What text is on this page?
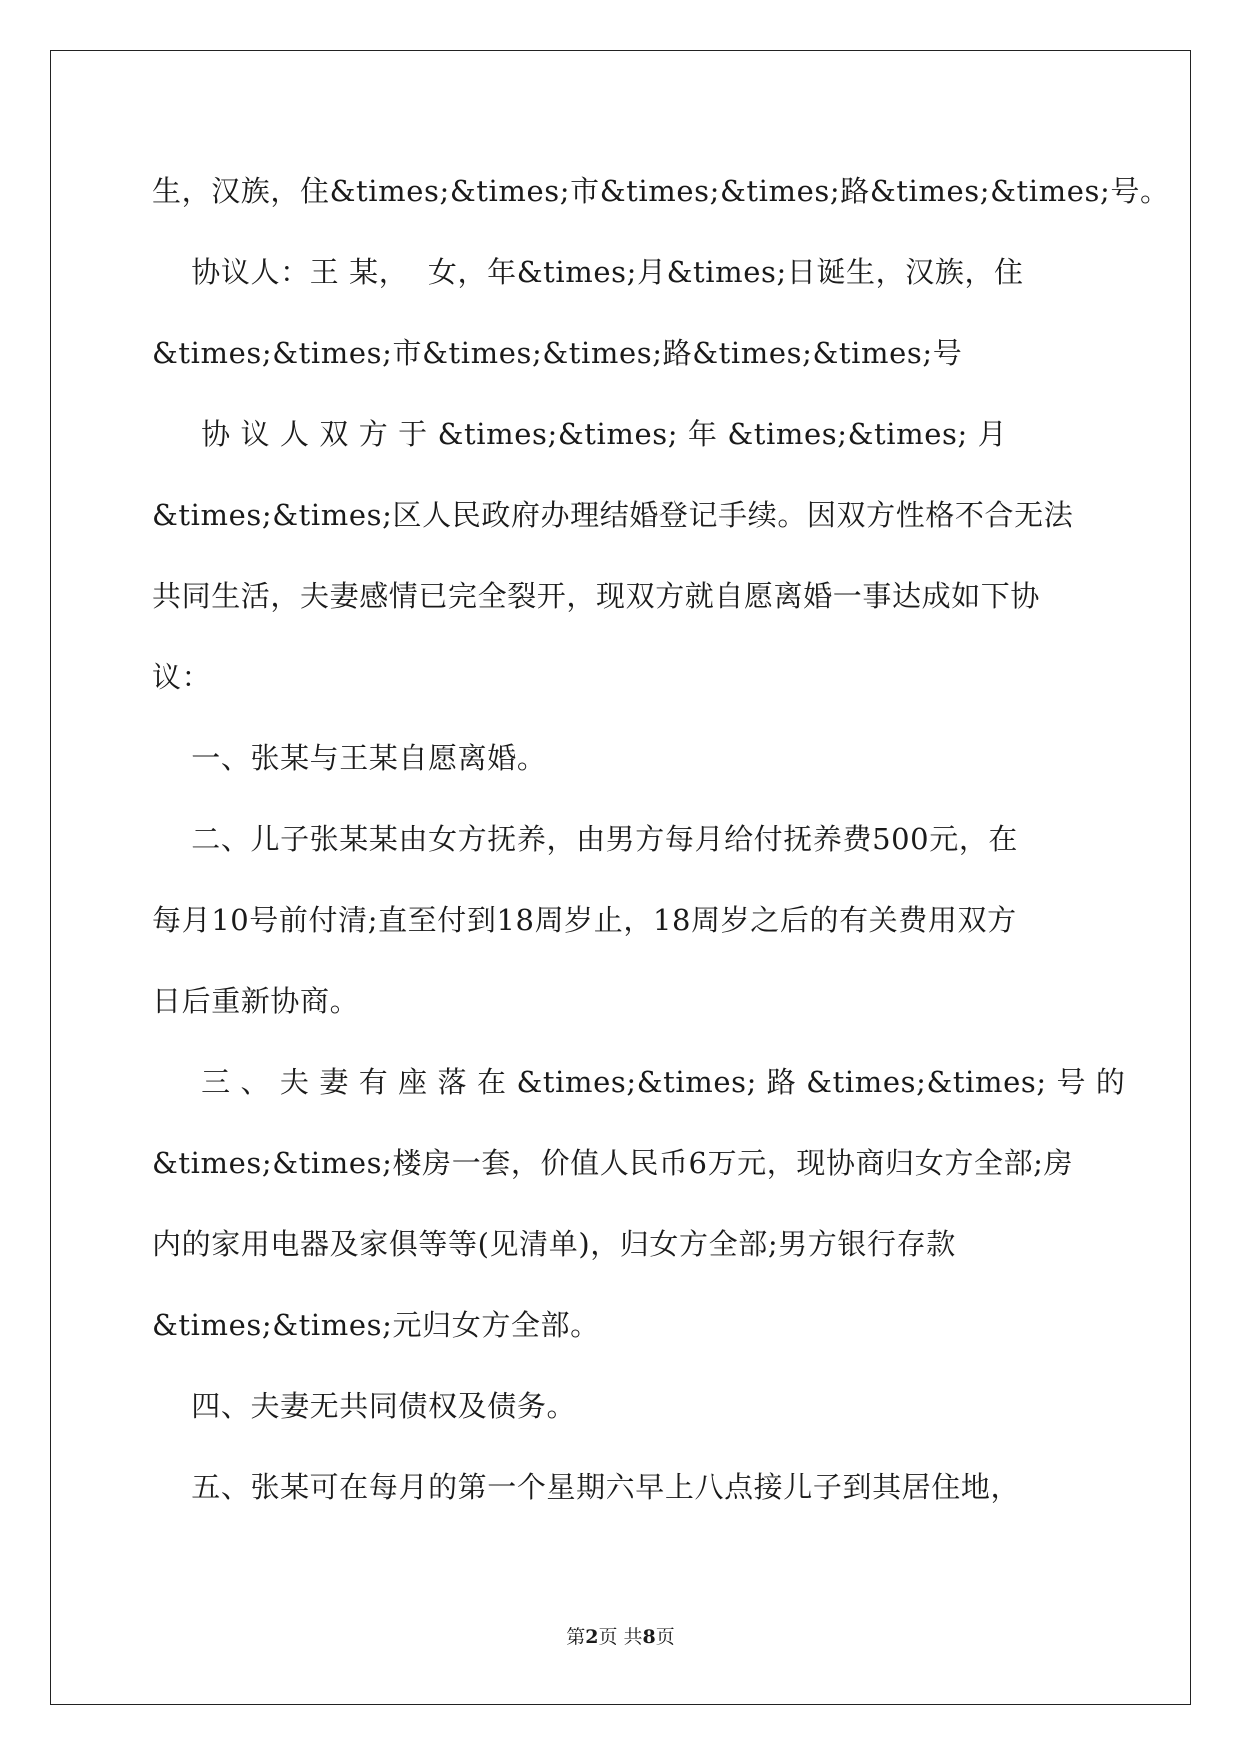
生，汉族，住&times;&times;市&times;&times;路&times;&times;号。
协议人：王 某，  女，年&times;月&times;日诞生，汉族，住
&times;&times;市&times;&times;路&times;&times;号
协 议 人 双 方 于 &times;&times; 年 &times;&times; 月
&times;&times;区人民政府办理结婚登记手续。因双方性格不合无法
共同生活，夫妻感情已完全裂开，现双方就自愿离婚一事达成如下协
议：
一、张某与王某自愿离婚。
二、儿子张某某由女方抚养，由男方每月给付抚养费500元，在
每月10号前付清;直至付到18周岁止，18周岁之后的有关费用双方
日后重新协商。
三 、 夫 妻 有 座 落 在 &times;&times; 路 &times;&times; 号 的
&times;&times;楼房一套，价值人民币6万元，现协商归女方全部;房
内的家用电器及家俱等等(见清单)，归女方全部;男方银行存款
&times;&times;元归女方全部。
四、夫妻无共同债权及债务。
五、张某可在每月的第一个星期六早上八点接儿子到其居住地，
第2页 共8页
